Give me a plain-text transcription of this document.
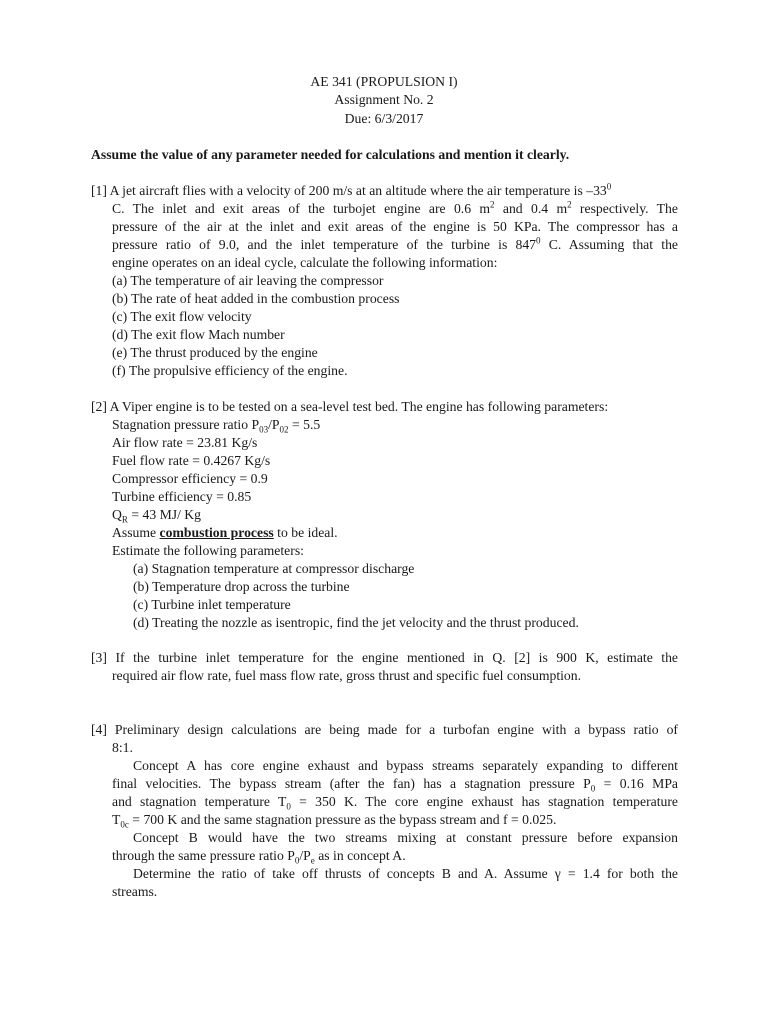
AE 341 (PROPULSION I)
Assignment No. 2
Due: 6/3/2017
Assume the value of any parameter needed for calculations and mention it clearly.
[1] A jet aircraft flies with a velocity of 200 m/s at an altitude where the air temperature is $-33^0$
C. The inlet and exit areas of the turbojet engine are 0.6 $m^2$ and 0.4 $m^2$ respectively. The
pressure of the air at the inlet and exit areas of the engine is 50 KPa. The compressor has a
pressure ratio of 9.0, and the inlet temperature of the turbine is $847^0$ C. Assuming that the
engine operates on an ideal cycle, calculate the following information:
(a) The temperature of air leaving the compressor
(b) The rate of heat added in the combustion process
(c) The exit flow velocity
(d) The exit flow Mach number
(e) The thrust produced by the engine
(f) The propulsive efficiency of the engine.
[2] A Viper engine is to be tested on a sea-level test bed. The engine has following parameters:
Stagnation pressure ratio $P_{03}/P_{02} = 5.5$
Air flow rate = 23.81 Kg/s
Fuel flow rate = 0.4267 Kg/s
Compressor efficiency = 0.9
Turbine efficiency = 0.85
$Q_R = 43$ MJ/ Kg
Assume combustion process to be ideal.
Estimate the following parameters:
(a) Stagnation temperature at compressor discharge
(b) Temperature drop across the turbine
(c) Turbine inlet temperature
(d) Treating the nozzle as isentropic, find the jet velocity and the thrust produced.
[3] If the turbine inlet temperature for the engine mentioned in Q. [2] is 900 K, estimate the
required air flow rate, fuel mass flow rate, gross thrust and specific fuel consumption.
[4] Preliminary design calculations are being made for a turbofan engine with a bypass ratio of
8:1.
Concept A has core engine exhaust and bypass streams separately expanding to different
final velocities. The bypass stream (after the fan) has a stagnation pressure $P_0 = 0.16$ MPa
and stagnation temperature $T_0 = 350$ K. The core engine exhaust has stagnation temperature
$T_{0c} = 700$ K and the same stagnation pressure as the bypass stream and f = 0.025.
Concept B would have the two streams mixing at constant pressure before expansion
through the same pressure ratio $P_0/P_e$ as in concept A.
Determine the ratio of take off thrusts of concepts B and A. Assume γ = 1.4 for both the
streams.
